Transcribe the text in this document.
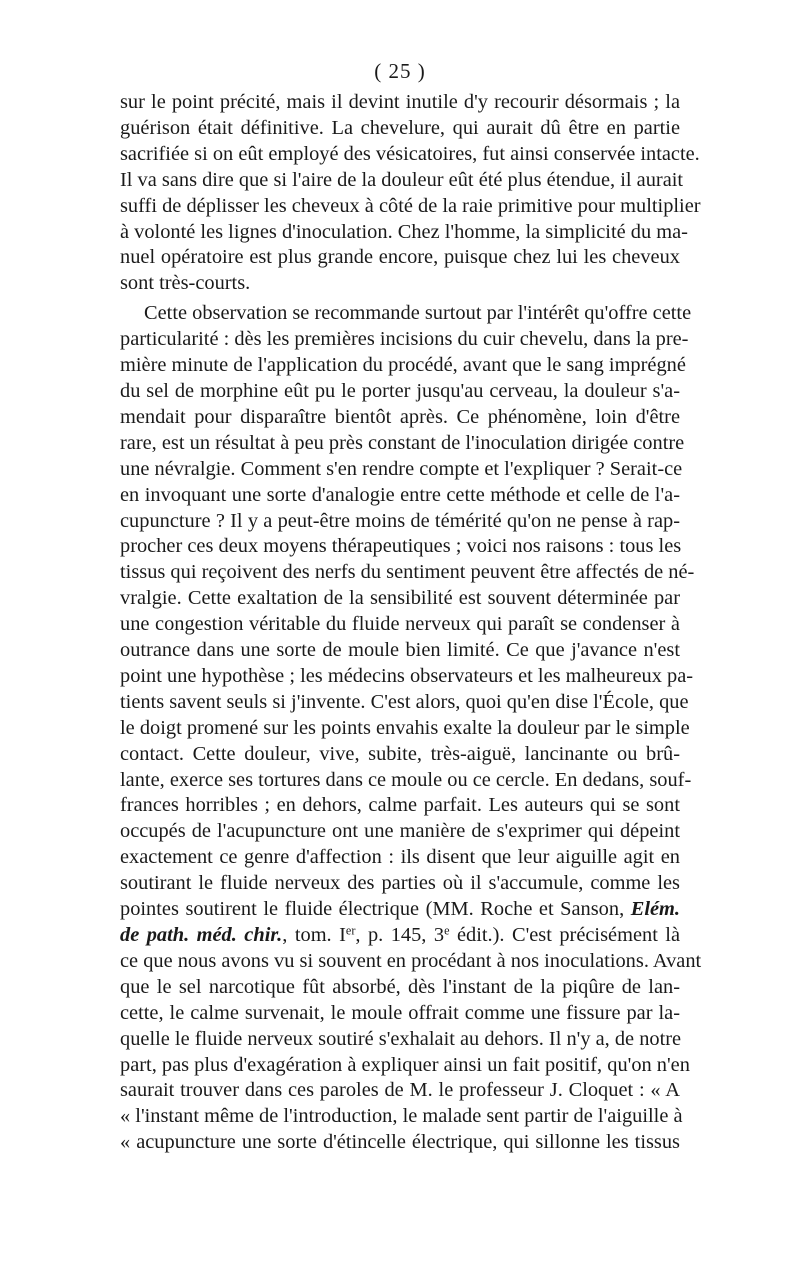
( 25 )
sur le point précité, mais il devint inutile d'y recourir désormais ; la
guérison était définitive. La chevelure, qui aurait dû être en partie
sacrifiée si on eût employé des vésicatoires, fut ainsi conservée intacte.
Il va sans dire que si l'aire de la douleur eût été plus étendue, il aurait
suffi de déplisser les cheveux à côté de la raie primitive pour multiplier
à volonté les lignes d'inoculation. Chez l'homme, la simplicité du ma-
nuel opératoire est plus grande encore, puisque chez lui les cheveux
sont très-courts.
Cette observation se recommande surtout par l'intérêt qu'offre cette
particularité : dès les premières incisions du cuir chevelu, dans la pre-
mière minute de l'application du procédé, avant que le sang imprégné
du sel de morphine eût pu le porter jusqu'au cerveau, la douleur s'a-
mendait pour disparaître bientôt après. Ce phénomène, loin d'être
rare, est un résultat à peu près constant de l'inoculation dirigée contre
une névralgie. Comment s'en rendre compte et l'expliquer ? Serait-ce
en invoquant une sorte d'analogie entre cette méthode et celle de l'a-
cupuncture ? Il y a peut-être moins de témérité qu'on ne pense à rap-
procher ces deux moyens thérapeutiques ; voici nos raisons : tous les
tissus qui reçoivent des nerfs du sentiment peuvent être affectés de né-
vralgie. Cette exaltation de la sensibilité est souvent déterminée par
une congestion véritable du fluide nerveux qui paraît se condenser à
outrance dans une sorte de moule bien limité. Ce que j'avance n'est
point une hypothèse ; les médecins observateurs et les malheureux pa-
tients savent seuls si j'invente. C'est alors, quoi qu'en dise l'École, que
le doigt promené sur les points envahis exalte la douleur par le simple
contact. Cette douleur, vive, subite, très-aiguë, lancinante ou brû-
lante, exerce ses tortures dans ce moule ou ce cercle. En dedans, souf-
frances horribles ; en dehors, calme parfait. Les auteurs qui se sont
occupés de l'acupuncture ont une manière de s'exprimer qui dépeint
exactement ce genre d'affection : ils disent que leur aiguille agit en
soutirant le fluide nerveux des parties où il s'accumule, comme les
pointes soutirent le fluide électrique (MM. Roche et Sanson, Elém.
de path. méd. chir., tom. Ier, p. 145, 3e édit.). C'est précisément là
ce que nous avons vu si souvent en procédant à nos inoculations. Avant
que le sel narcotique fût absorbé, dès l'instant de la piqûre de lan-
cette, le calme survenait, le moule offrait comme une fissure par la-
quelle le fluide nerveux soutiré s'exhalait au dehors. Il n'y a, de notre
part, pas plus d'exagération à expliquer ainsi un fait positif, qu'on n'en
saurait trouver dans ces paroles de M. le professeur J. Cloquet : « A
« l'instant même de l'introduction, le malade sent partir de l'aiguille à
« acupuncture une sorte d'étincelle électrique, qui sillonne les tissus
